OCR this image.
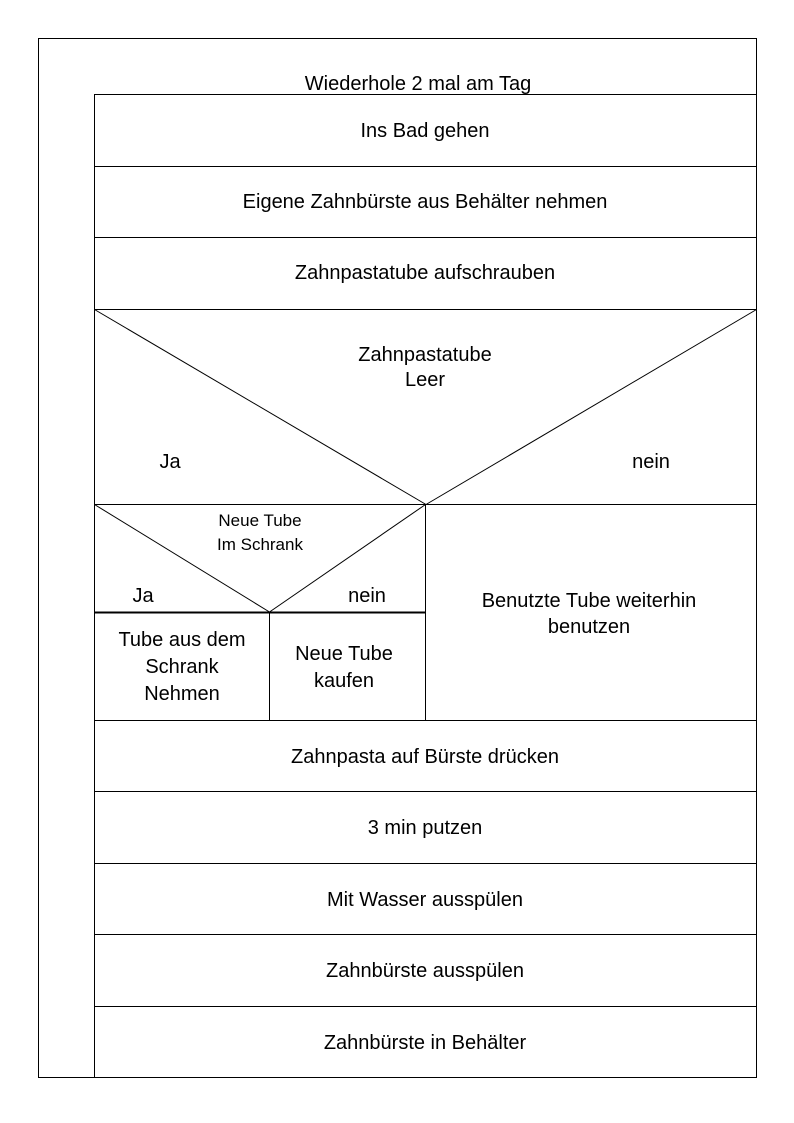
Wiederhole 2 mal am Tag
Ins Bad gehen
Eigene Zahnbürste aus Behälter nehmen
Zahnpastatube aufschrauben
Zahnpastatube
Leer
Ja	nein
Benutzte Tube weiterhin
benutzen
Neue Tube
Im Schrank
Ja	nein
Tube aus dem
Schrank
Nehmen
Neue Tube
kaufen
Zahnpasta auf Bürste drücken
3 min putzen
Mit Wasser ausspülen
Zahnbürste ausspülen
Zahnbürste in Behälter
